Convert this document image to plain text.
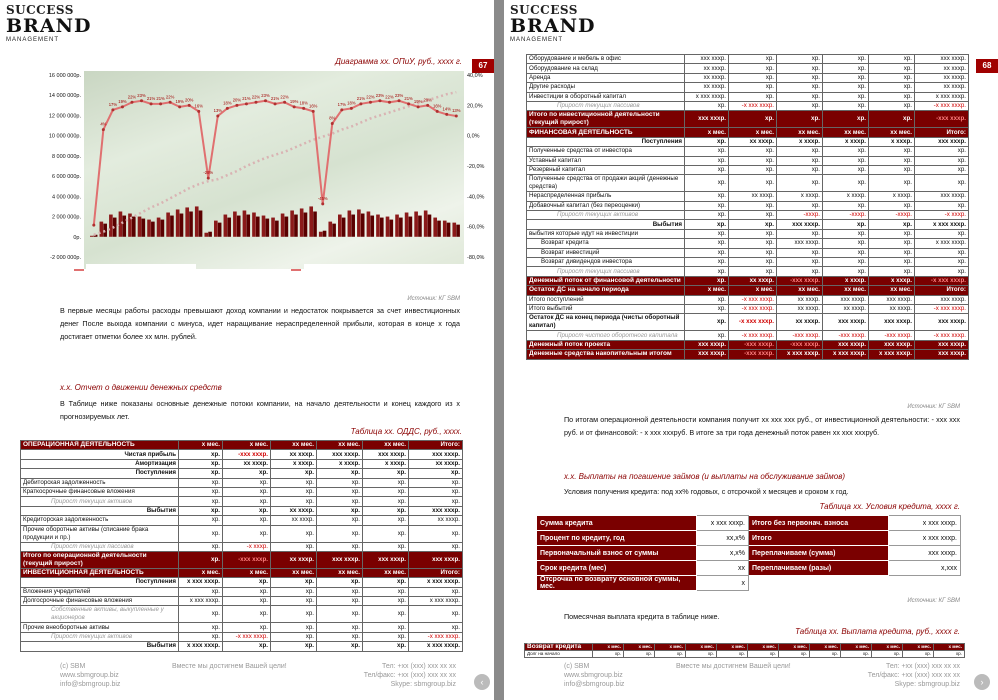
SUCCESS
BRAND
MANAGEMENT
67
Диаграмма хх. ОПиУ, руб., хххх г.
16 000 000р.
14 000 000р.
12 000 000р.
10 000 000р.
8 000 000р.
6 000 000р.
4 000 000р.
2 000 000р.
0р.
-2 000 000р.
40,0%
20,0%
0,0%
-20,0%
-40,0%
-60,0%
-80,0%
4%
17%
19%
22% 23%
21% 21% 22%
19% 20%
16%
-28%
13%
18%
20% 21% 22% 23%
21% 22%
19% 18%
16%
-45%
8%
17% 18%
21% 22% 23% 22% 23%
21%
19% 20%
16%
14% 13%
Источник: КГ SBM
В первые месяцы работы расходы превышают доход компании и недостаток покрывается за счет инвестиционных денег После выхода компании с минуса, идет наращивание нераспределенной прибыли, которая в конце х года достигает отметки более хх млн. рублей.
х.х. Отчет о движении денежных средств
В Таблице ниже показаны основные денежные потоки компании, на начало деятельности и конец каждого из х прогнозируемых лет.
Таблица хх. ОДДС, руб., хххх.
ОПЕРАЦИОННАЯ ДЕЯТЕЛЬНОСТЬ	х мес.	х мес.	хх мес.	хх мес.	хх мес.	Итого:
Чистая прибыль	хр.	-ххх хххр.	хх хххр.	ххх хххр.	ххх хххр.	ххх хххр.
Амортизация	хр.	хх хххр.	х хххр.	х хххр.	х хххр.	хх хххр.
Поступления	хр.	хр.	хр.	хр.	хр.	хр.
Дебиторская задолженность	хр.	хр.	хр.	хр.	хр.	хр.
Краткосрочные финансовые вложения	хр.	хр.	хр.	хр.	хр.	хр.
Прирост текущих активов	хр.	хр.	хр.	хр.	хр.	хр.
Выбытия	хр.	хр.	хх хххр.	хр.	хр.	ххх хххр.
Кредиторская задолженность	хр.	хр.	хх хххр.	хр.	хр.	хх хххр.
Прочие оборотные активы (списание брака продукции и пр.)	хр.	хр.	хр.	хр.	хр.	хр.
Прирост текущих пассивов	хр.	-х хххр.	хр.	хр.	хр.	хр.
Итого по операционной деятельности (текущий прирост)	хр.	-ххх хххр.	хх хххр.	ххх хххр.	ххх хххр.	ххх хххр.
ИНВЕСТИЦИОННАЯ ДЕЯТЕЛЬНОСТЬ	х мес.	х мес.	хх мес.	хх мес.	хх мес.	Итого:
Поступления	х ххх хххр.	хр.	хр.	хр.	хр.	х ххх хххр.
Вложения учредителей	хр.	хр.	хр.	хр.	хр.	хр.
Долгосрочные финансовые вложения	х ххх хххр.	хр.	хр.	хр.	хр.	х ххх хххр.
Собственные активы, выкупленные у акционеров	хр.	хр.	хр.	хр.	хр.	хр.
Прочие внеоборотные активы	хр.	хр.	хр.	хр.	хр.	хр.
Прирост текущих активов	хр.	-х ххх хххр.	хр.	хр.	хр.	-х ххх хххр.
Выбытия	х ххх хххр.	хр.	хр.	хр.	хр.	х ххх хххр.
(c) SBM
www.sbmgroup.biz
info@sbmgroup.biz
Вместе мы достигнем Вашей цели!	Тел: +хх (ххх) ххх хх хх
Тел/факс: +хх (ххх) ххх хх хх
Skype: sbmgroup.biz
SUCCESS
BRAND
MANAGEMENT
68
Оборудование и мебель в офис	ххх хххр.	хр.	хр.	хр.	хр.	ххх хххр.
Оборудование на склад	хх хххр.	хр.	хр.	хр.	хр.	хх хххр.
Аренда	хх хххр.	хр.	хр.	хр.	хр.	хх хххр.
Другие расходы	хх хххр.	хр.	хр.	хр.	хр.	хх хххр.
Инвестиции в оборотный капитал	х ххх хххр.	хр.	хр.	хр.	хр.	х ххх хххр.
Прирост текущих пассивов	хр.	-х ххх хххр.	хр.	хр.	хр.	-х ххх хххр.
Итого по инвестиционной деятельности (текущий прирост)	ххх хххр.	хр.	хр.	хр.	хр.	-ххх хххр.
ФИНАНСОВАЯ ДЕЯТЕЛЬНОСТЬ	х мес.	х мес.	хх мес.	хх мес.	хх мес.	Итого:
Поступления	хр.	хх хххр.	х хххр.	х хххр.	х хххр.	ххх хххр.
Полученные средства от инвестора	хр.	хр.	хр.	хр.	хр.	хр.
Уставный капитал	хр.	хр.	хр.	хр.	хр.	хр.
Резервный капитал	хр.	хр.	хр.	хр.	хр.	хр.
Полученные средства от продажи акций (денежные средства)	хр.	хр.	хр.	хр.	хр.	хр.
Нераспределенная прибыль	хр.	хх хххр.	х хххр.	х хххр.	х хххр.	ххх хххр.
Добавочный капитал (без переоценки)	хр.	хр.	хр.	хр.	хр.	хр.
Прирост текущих активов	хр.	хр.	-хххр.	-хххр.	-хххр.	-х хххр.
Выбытия	хр.	хр.	ххх хххр.	хр.	хр.	х ххх хххр.
выбытия которые идут на инвестиции	хр.	хр.	хр.	хр.	хр.	хр.
Возврат кредита	хр.	хр.	ххх хххр.	хр.	хр.	х ххх хххр.
Возврат инвестиций	хр.	хр.	хр.	хр.	хр.	хр.
Возврат дивидендов инвестора	хр.	хр.	хр.	хр.	хр.	хр.
Прирост текущих пассивов	хр.	хр.	хр.	хр.	хр.	хр.
Денежный поток от финансовой деятельности	хр.	хх хххр.	-ххх хххр.	х хххр.	х хххр.	-х ххх хххр.
Остаток ДС на начало периода	х мес.	х мес.	хх мес.	хх мес.	хх мес.	Итого:
Итого поступлений	хр.	-х ххх хххр.	хх хххр.	ххх хххр.	ххх хххр.	ххх хххр.
Итого выбытий	хр.	-х ххх хххр.	хх хххр.	хх хххр.	хх хххр.	-х ххх хххр.
Остаток ДС на конец периода (чисты оборотный капитал)	хр.	-х ххх хххр.	хх хххр.	ххх хххр.	ххх хххр.	ххх хххр.
Прирост чистого оборотного капитала	хр.	-х ххх хххр.	-ххх хххр.	-ххх хххр.	-ххх хххр.	-х ххх хххр.
Денежный поток проекта	ххх хххр.	-ххх хххр.	-ххх хххр.	ххх хххр.	ххх хххр.	ххх хххр.
Денежные средства накопительным итогом	ххх хххр.	-ххх хххр.	х ххх хххр.	х ххх хххр.	х ххх хххр.	ххх хххр.
Источник: КГ SBM
По итогам операционной деятельности компания получит хх ххх ххх руб., от инвестиционной деятельности: - ххх ххх руб. и от финансовой: - х ххх хххруб. В итоге за три года денежный поток равен хх ххх хххруб.
х.х. Выплаты на погашение займов (и выплаты на обслуживание займов)
Условия получения кредита: под хх% годовых, с отсрочкой х месяцев и сроком х год.
Таблица хх. Условия кредита, хххх г.
Сумма кредита	х ххх хххр.	Итого без первонач. взноса	х ххх хххр.
Процент по кредиту, год	хх,х%	Итого	х ххх хххр.
Первоначальный взнос от суммы	х,х%	Переплачиваем (сумма)	ххх хххр.
Срок кредита (мес)	хх	Переплачиваем (разы)	х,ххх
Отсрочка по возврату основной суммы, мес.	х		
Источник: КГ SBM
Помесячная выплата кредита в таблице ниже.
Таблица хх. Выплата кредита, руб., хххх г.
Возврат кредита	х мес.	х мес.	х мес.	х мес.	х мес.	х мес.	х мес.	х мес.	х мес.	х мес.	х мес.	х мес.
Долг на начало	хр.	хр.	хр.	хр.	хр.	хр.	хр.	хр.	хр.	хр.	хр.	хр.
(c) SBM
www.sbmgroup.biz
info@sbmgroup.biz
Вместе мы достигнем Вашей цели!	Тел: +хх (ххх) ххх хх хх
Тел/факс: +хх (ххх) ххх хх хх
Skype: sbmgroup.biz
‹	›
